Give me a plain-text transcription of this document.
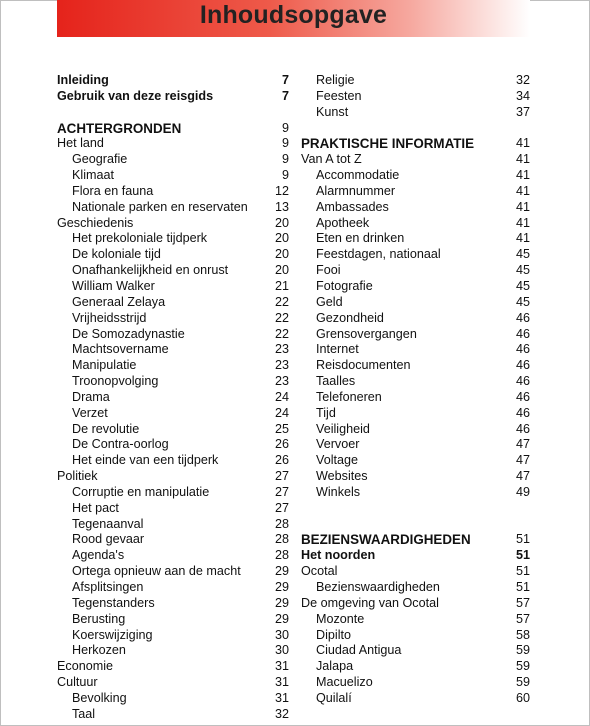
Inhoudsopgave
Inleiding	7
Gebruik van deze reisgids	7
ACHTERGRONDEN	9
Het land	9
Geografie	9
Klimaat	9
Flora en fauna	12
Nationale parken en reservaten 13
Geschiedenis	20
Het prekoloniale tijdperk	20
De koloniale tijd	20
Onafhankelijkheid en onrust	20
William Walker	21
Generaal Zelaya	22
Vrijheidsstrijd	22
De Somozadynastie	22
Machtsovername	23
Manipulatie	23
Troonopvolging	23
Drama	24
Verzet	24
De revolutie	25
De Contra-oorlog	26
Het einde van een tijdperk	26
Politiek	27
Corruptie en manipulatie	27
Het pact	27
Tegenaanval	28
Rood gevaar	28
Agenda's	28
Ortega opnieuw aan de macht	29
Afsplitsingen	29
Tegenstanders	29
Berusting	29
Koerswijziging	30
Herkozen	30
Economie	31
Cultuur	31
Bevolking	31
Taal	32
Religie	32
Feesten	34
Kunst	37
PRAKTISCHE INFORMATIE	41
Van A tot Z	41
Accommodatie	41
Alarmnummer	41
Ambassades	41
Apotheek	41
Eten en drinken	41
Feestdagen, nationaal	45
Fooi	45
Fotografie	45
Geld	45
Gezondheid	46
Grensovergangen	46
Internet	46
Reisdocumenten	46
Taalles	46
Telefoneren	46
Tijd	46
Veiligheid	46
Vervoer	47
Voltage	47
Websites	47
Winkels	49
BEZIENSWAARDIGHEDEN	51
Het noorden	51
Ocotal	51
Bezienswaardigheden	51
De omgeving van Ocotal	57
Mozonte	57
Dipilto	58
Ciudad Antigua	59
Jalapa	59
Macuelizo	59
Quilalí	60
